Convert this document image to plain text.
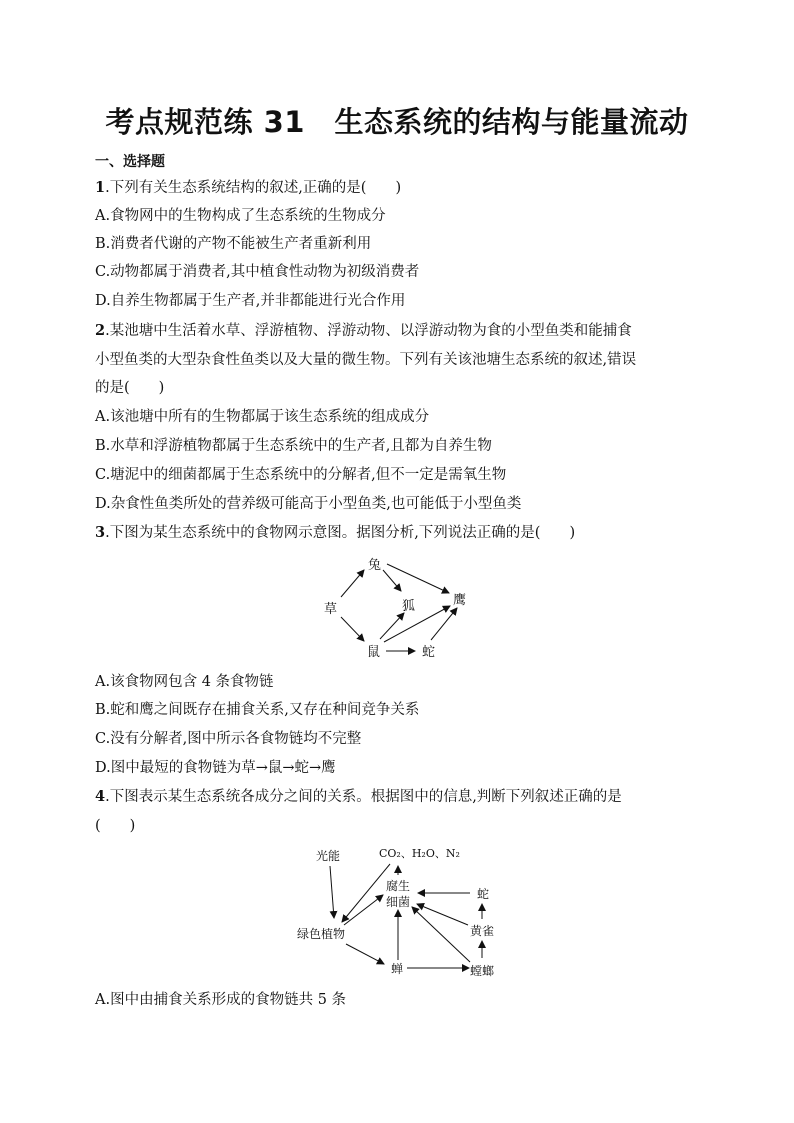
考点规范练 31　生态系统的结构与能量流动
一、选择题
1.下列有关生态系统结构的叙述,正确的是(　　)
A.食物网中的生物构成了生态系统的生物成分
B.消费者代谢的产物不能被生产者重新利用
C.动物都属于消费者,其中植食性动物为初级消费者
D.自养生物都属于生产者,并非都能进行光合作用
2.某池塘中生活着水草、浮游植物、浮游动物、以浮游动物为食的小型鱼类和能捕食
小型鱼类的大型杂食性鱼类以及大量的微生物。下列有关该池塘生态系统的叙述,错误
的是(　　)
A.该池塘中所有的生物都属于该生态系统的组成成分
B.水草和浮游植物都属于生态系统中的生产者,且都为自养生物
C.塘泥中的细菌都属于生态系统中的分解者,但不一定是需氧生物
D.杂食性鱼类所处的营养级可能高于小型鱼类,也可能低于小型鱼类
3.下图为某生态系统中的食物网示意图。据图分析,下列说法正确的是(　　)
兔
草	狐	鹰
鼠	蛇
A.该食物网包含 4 条食物链
B.蛇和鹰之间既存在捕食关系,又存在种间竞争关系
C.没有分解者,图中所示各食物链均不完整
D.图中最短的食物链为草→鼠→蛇→鹰
4.下图表示某生态系统各成分之间的关系。根据图中的信息,判断下列叙述正确的是
(　　)
光能	CO₂、H₂O、N₂
腐生
细菌
蛇
黄雀
绿色植物
蝉	螳螂
A.图中由捕食关系形成的食物链共 5 条
